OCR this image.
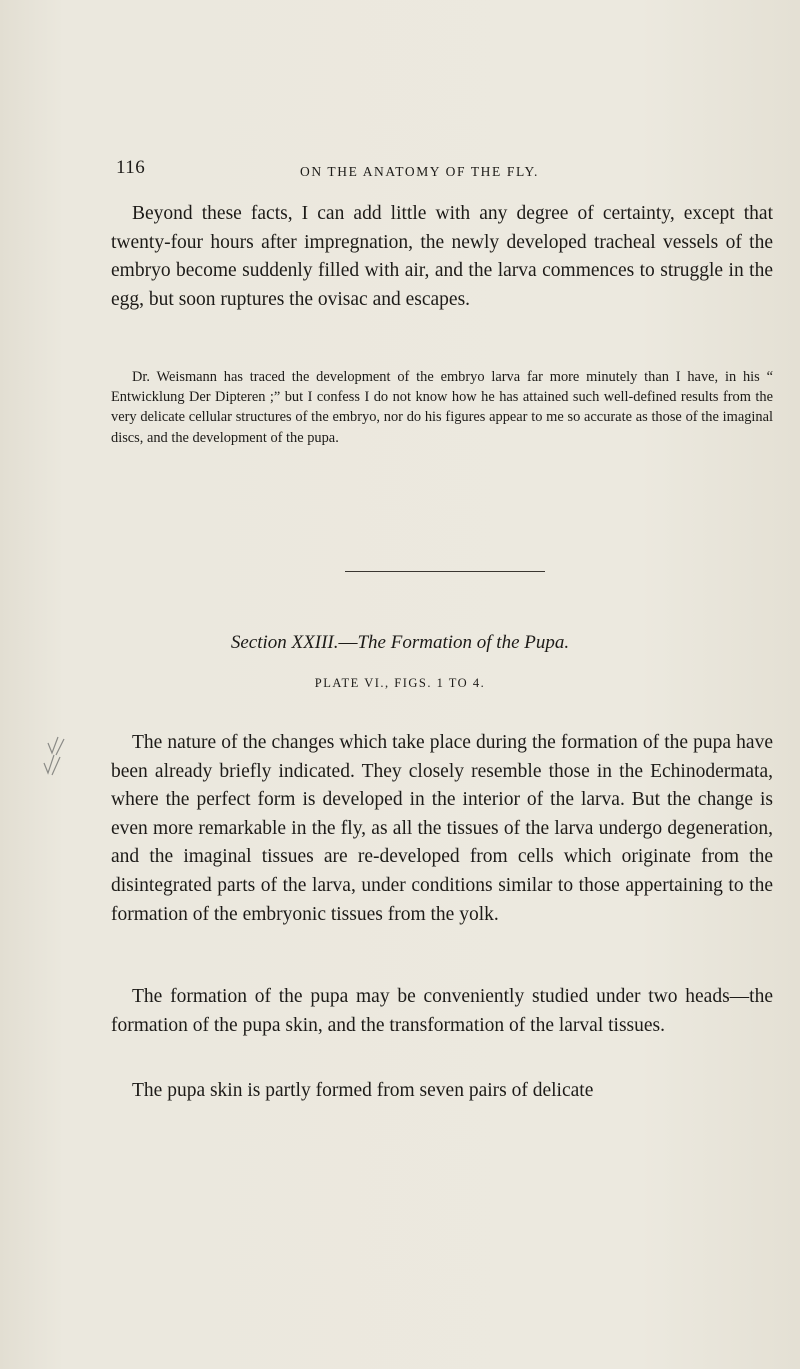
116	ON THE ANATOMY OF THE FLY.

Beyond these facts, I can add little with any degree of certainty, except that twenty-four hours after impregnation, the newly developed tracheal vessels of the embryo become suddenly filled with air, and the larva commences to struggle in the egg, but soon ruptures the ovisac and escapes.

Dr. Weismann has traced the development of the embryo larva far more minutely than I have, in his “ Entwicklung Der Dipteren ;” but I confess I do not know how he has attained such well-defined results from the very delicate cellular structures of the embryo, nor do his figures appear to me so accurate as those of the imaginal discs, and the development of the pupa.

Section XXIII.—The Formation of the Pupa.
PLATE VI., FIGS. 1 TO 4.

The nature of the changes which take place during the formation of the pupa have been already briefly indicated. They closely resemble those in the Echinodermata, where the perfect form is developed in the interior of the larva. But the change is even more remarkable in the fly, as all the tissues of the larva undergo degeneration, and the imaginal tissues are re-developed from cells which originate from the disintegrated parts of the larva, under conditions similar to those appertaining to the formation of the embryonic tissues from the yolk.

The formation of the pupa may be conveniently studied under two heads—the formation of the pupa skin, and the transformation of the larval tissues.

The pupa skin is partly formed from seven pairs of delicate
